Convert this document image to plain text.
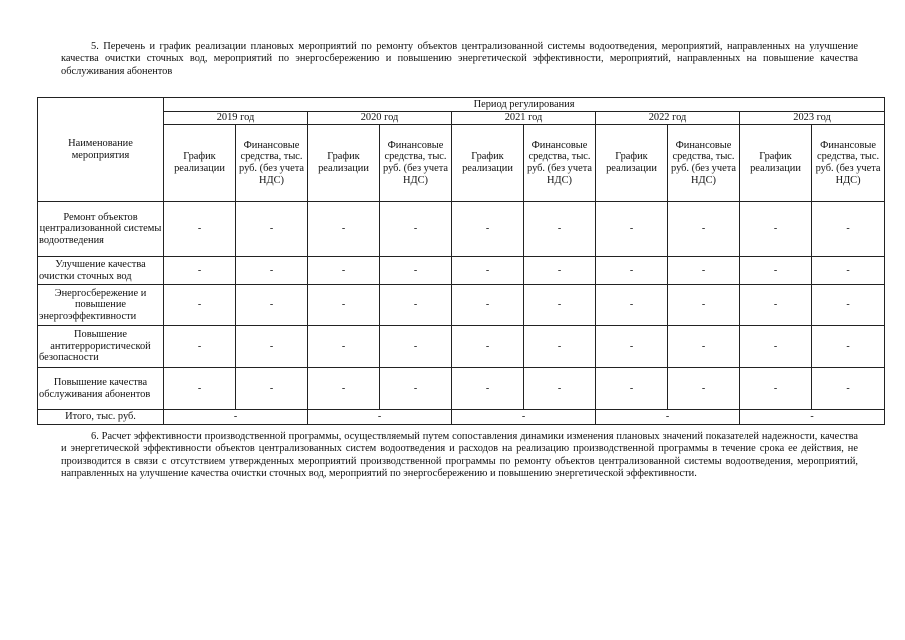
5. Перечень и график реализации плановых мероприятий по ремонту объектов централизованной системы водоотведения, мероприятий, направленных на улучшение качества очистки сточных вод, мероприятий по энергосбережению и повышению энергетической эффективности, мероприятий, направленных на повышение качества обслуживания абонентов

Наименование мероприятия	Период регулирования									
	2019 год		2020 год		2021 год		2022 год		2023 год	
	График реализации	Финансовые средства, тыс. руб. (без учета НДС)	График реализации	Финансовые средства, тыс. руб. (без учета НДС)	График реализации	Финансовые средства, тыс. руб. (без учета НДС)	График реализации	Финансовые средства, тыс. руб. (без учета НДС)	График реализации	Финансовые средства, тыс. руб. (без учета НДС)
Ремонт объектов централизованной системы водоотведения	-	-	-	-	-	-	-	-	-	-
Улучшение качества очистки сточных вод	-	-	-	-	-	-	-	-	-	-
Энергосбережение и повышение энергоэффективности	-	-	-	-	-	-	-	-	-	-
Повышение антитеррористической безопасности	-	-	-	-	-	-	-	-	-	-
Повышение качества обслуживания абонентов	-	-	-	-	-	-	-	-	-	-
Итого, тыс. руб.	-		-		-		-		-	

6. Расчет эффективности производственной программы, осуществляемый путем сопоставления динамики изменения плановых значений показателей надежности, качества и энергетической эффективности объектов централизованных систем водоотведения и расходов на реализацию производственной программы в течение срока ее действия, не производится в связи с отсутствием утвержденных мероприятий производственной программы по ремонту объектов централизованной системы водоотведения, мероприятий, направленных на улучшение качества очистки сточных вод, мероприятий по энергосбережению и повышению энергетической эффективности.
